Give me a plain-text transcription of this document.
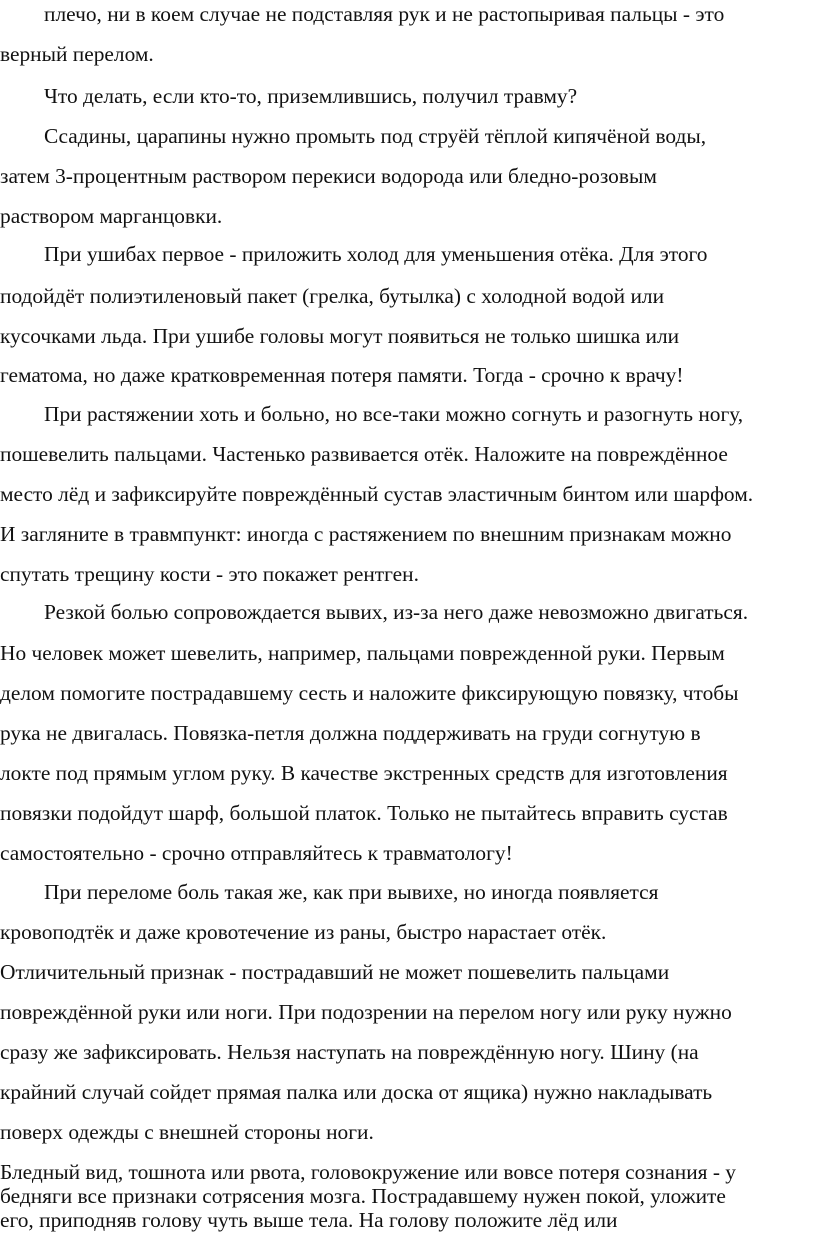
плечо, ни в коем случае не подставляя рук и не растопыривая пальцы - это
верный перелом.
Что делать, если кто-то, приземлившись, получил травму?
Ссадины, царапины нужно промыть под струёй тёплой кипячёной воды,
затем 3-процентным раствором перекиси водорода или бледно-розовым
раствором марганцовки.
При ушибах первое - приложить холод для уменьшения отёка. Для этого
подойдёт полиэтиленовый пакет (грелка, бутылка) с холодной водой или
кусочками льда. При ушибе головы могут появиться не только шишка или
гематома, но даже кратковременная потеря памяти. Тогда - срочно к врачу!
При растяжении хоть и больно, но все-таки можно согнуть и разогнуть ногу,
пошевелить пальцами. Частенько развивается отёк. Наложите на повреждённое
место лёд и зафиксируйте повреждённый сустав эластичным бинтом или шарфом.
И загляните в травмпункт: иногда с растяжением по внешним признакам можно
спутать трещину кости - это покажет рентген.
Резкой болью сопровождается вывих, из-за него даже невозможно двигаться.
Но человек может шевелить, например, пальцами поврежденной руки. Первым
делом помогите пострадавшему сесть и наложите фиксирующую повязку, чтобы
рука не двигалась. Повязка-петля должна поддерживать на груди согнутую в
локте под прямым углом руку. В качестве экстренных средств для изготовления
повязки подойдут шарф, большой платок. Только не пытайтесь вправить сустав
самостоятельно - срочно отправляйтесь к травматологу!
При переломе боль такая же, как при вывихе, но иногда появляется
кровоподтёк и даже кровотечение из раны, быстро нарастает отёк.
Отличительный признак - пострадавший не может пошевелить пальцами
повреждённой руки или ноги. При подозрении на перелом ногу или руку нужно
сразу же зафиксировать. Нельзя наступать на повреждённую ногу. Шину (на
крайний случай сойдет прямая палка или доска от ящика) нужно накладывать
поверх одежды с внешней стороны ноги.
Бледный вид, тошнота или рвота, головокружение или вовсе потеря сознания - у
бедняги все признаки сотрясения мозга. Пострадавшему нужен покой, уложите
его, приподняв голову чуть выше тела. На голову положите лёд или
